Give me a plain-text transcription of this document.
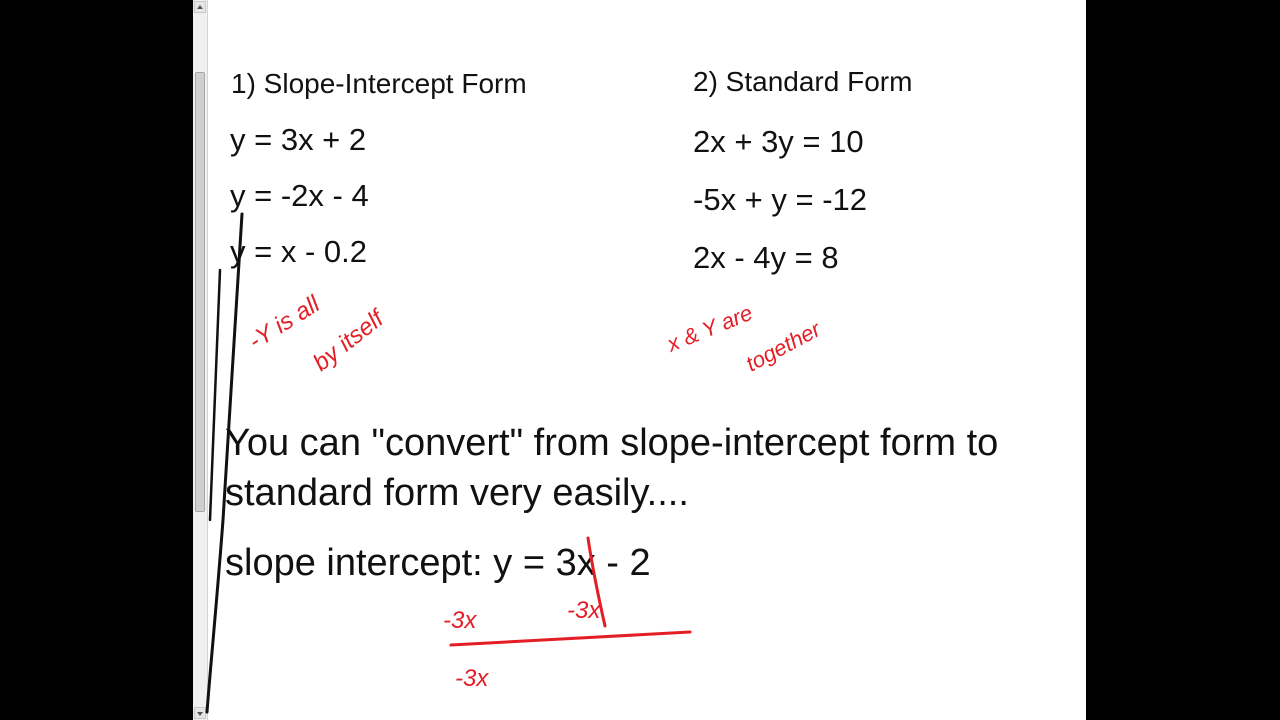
1) Slope-Intercept Form
y = 3x + 2
y = -2x - 4
y = x - 0.2
2) Standard Form
2x + 3y = 10
-5x + y = -12
2x - 4y = 8
You can "convert" from slope-intercept form to
standard form very easily....
slope intercept: y = 3x - 2
-Y is all
by itself	x & Y are
together
-3x	-3x
-3x
